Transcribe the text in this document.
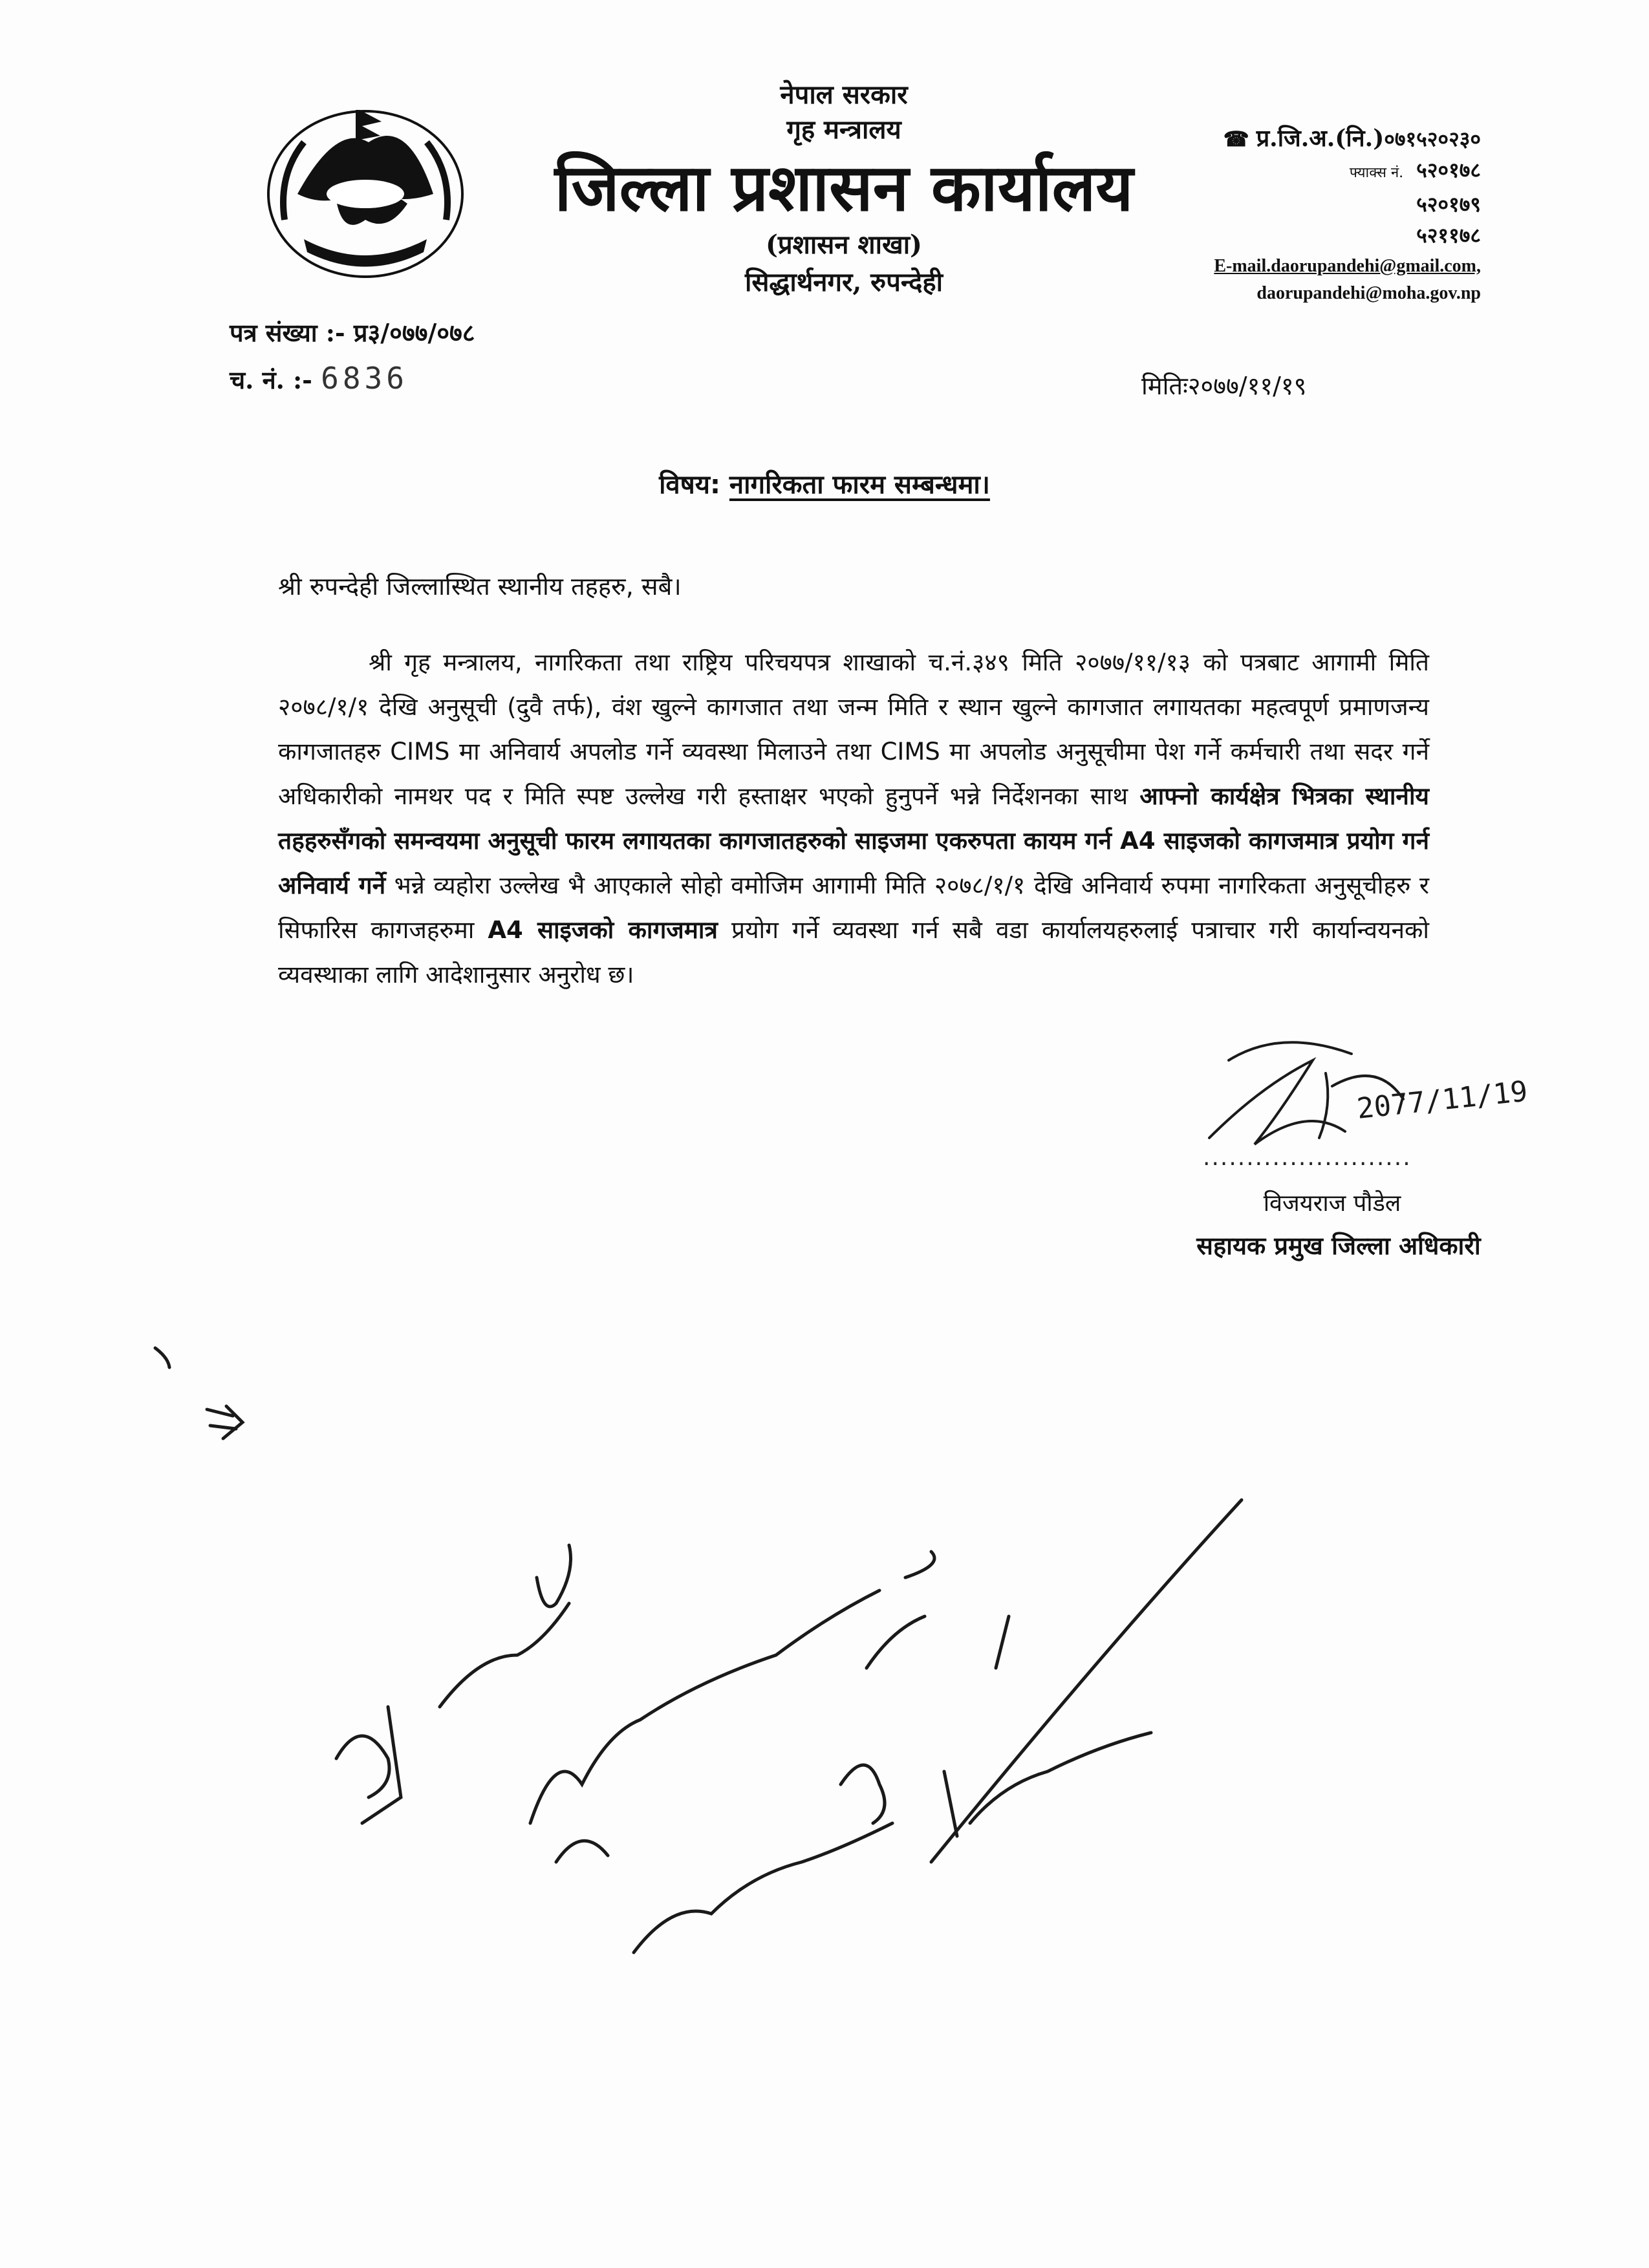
नेपाल सरकार
गृह मन्त्रालय
जिल्ला प्रशासन कार्यालय
(प्रशासन शाखा)
सिद्धार्थनगर, रुपन्देही
☎ प्र.जि.अ.(नि.)०७१५२०२३०
फ्याक्स नं. ५२०१७८
५२०१७९
५२११७८
E-mail.daorupandehi@gmail.com,
daorupandehi@moha.gov.np
पत्र संख्या :- प्र३/०७७/०७८
च. नं. :- 6836	मितिः२०७७/११/१९
विषय: नागरिकता फारम सम्बन्धमा।
श्री रुपन्देही जिल्लास्थित स्थानीय तहहरु, सबै।
श्री गृह मन्त्रालय, नागरिकता तथा राष्ट्रिय परिचयपत्र शाखाको च.नं.३४९ मिति २०७७/११/१३ को पत्रबाट आगामी मिति २०७८/१/१ देखि अनुसूची (दुवै तर्फ), वंश खुल्ने कागजात तथा जन्म मिति र स्थान खुल्ने कागजात लगायतका महत्वपूर्ण प्रमाणजन्य कागजातहरु CIMS मा अनिवार्य अपलोड गर्ने व्यवस्था मिलाउने तथा CIMS मा अपलोड अनुसूचीमा पेश गर्ने कर्मचारी तथा सदर गर्ने अधिकारीको नामथर पद र मिति स्पष्ट उल्लेख गरी हस्ताक्षर भएको हुनुपर्ने भन्ने निर्देशनका साथ आफ्नो कार्यक्षेत्र भित्रका स्थानीय तहहरुसँगको समन्वयमा अनुसूची फारम लगायतका कागजातहरुको साइजमा एकरुपता कायम गर्न A4 साइजको कागजमात्र प्रयोग गर्न अनिवार्य गर्ने भन्ने व्यहोरा उल्लेख भै आएकाले सोहो वमोजिम आगामी मिति २०७८/१/१ देखि अनिवार्य रुपमा नागरिकता अनुसूचीहरु र सिफारिस कागजहरुमा A4 साइजको कागजमात्र प्रयोग गर्ने व्यवस्था गर्न सबै वडा कार्यालयहरुलाई पत्राचार गरी कार्यान्वयनको व्यवस्थाका लागि आदेशानुसार अनुरोध छ।
2077/11/19
........................
विजयराज पौडेल
सहायक प्रमुख जिल्ला अधिकारी
